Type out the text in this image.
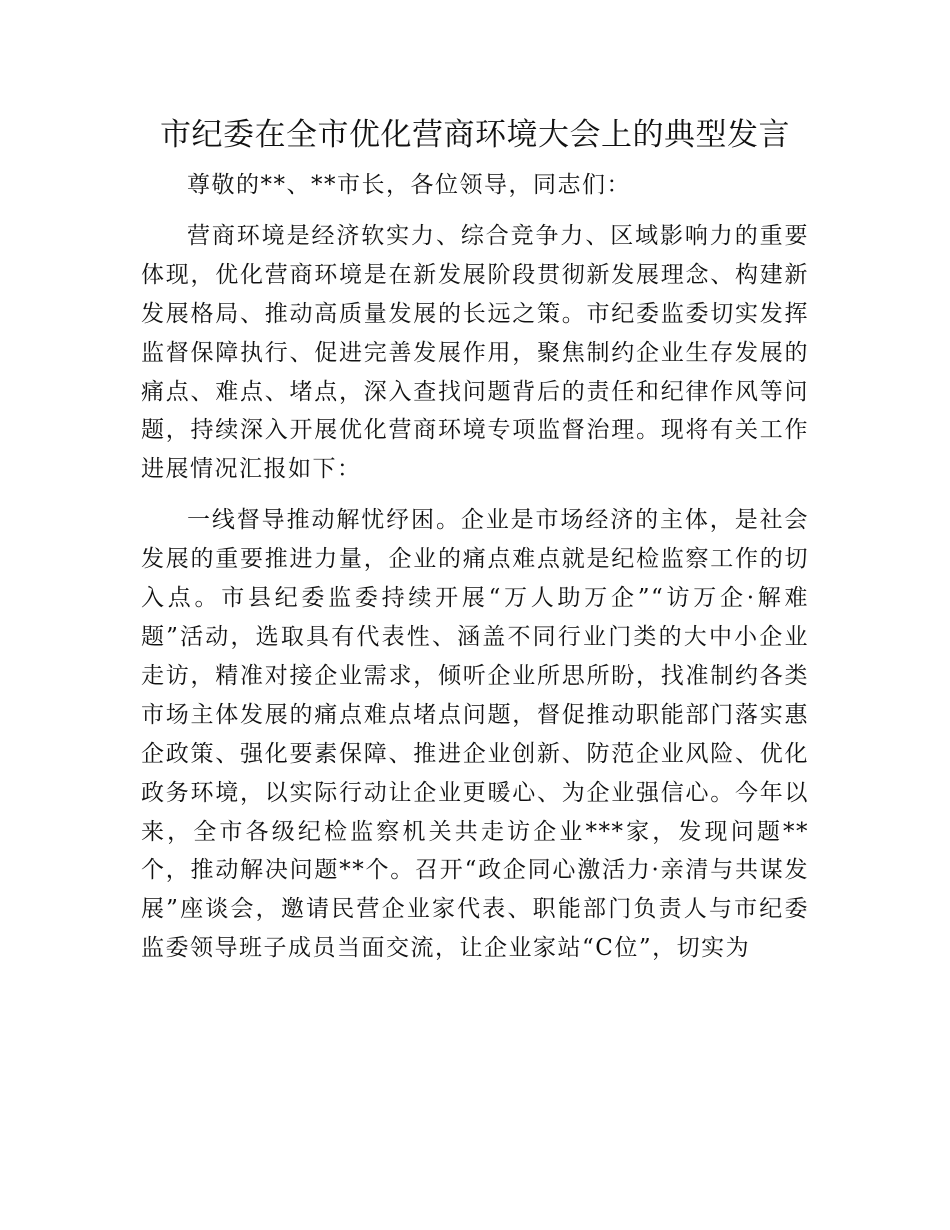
市纪委在全市优化营商环境大会上的典型发言

尊敬的**、**市长，各位领导，同志们：

营商环境是经济软实力、综合竞争力、区域影响力的重要体现，优化营商环境是在新发展阶段贯彻新发展理念、构建新发展格局、推动高质量发展的长远之策。市纪委监委切实发挥监督保障执行、促进完善发展作用，聚焦制约企业生存发展的痛点、难点、堵点，深入查找问题背后的责任和纪律作风等问题，持续深入开展优化营商环境专项监督治理。现将有关工作进展情况汇报如下：

一线督导推动解忧纾困。企业是市场经济的主体，是社会发展的重要推进力量，企业的痛点难点就是纪检监察工作的切入点。市县纪委监委持续开展“万人助万企”“访万企·解难题”活动，选取具有代表性、涵盖不同行业门类的大中小企业走访，精准对接企业需求，倾听企业所思所盼，找准制约各类市场主体发展的痛点难点堵点问题，督促推动职能部门落实惠企政策、强化要素保障、推进企业创新、防范企业风险、优化政务环境，以实际行动让企业更暖心、为企业强信心。今年以来，全市各级纪检监察机关共走访企业***家，发现问题**个，推动解决问题**个。召开“政企同心激活力·亲清与共谋发展”座谈会，邀请民营企业家代表、职能部门负责人与市纪委监委领导班子成员当面交流，让企业家站“C位”，切实为
